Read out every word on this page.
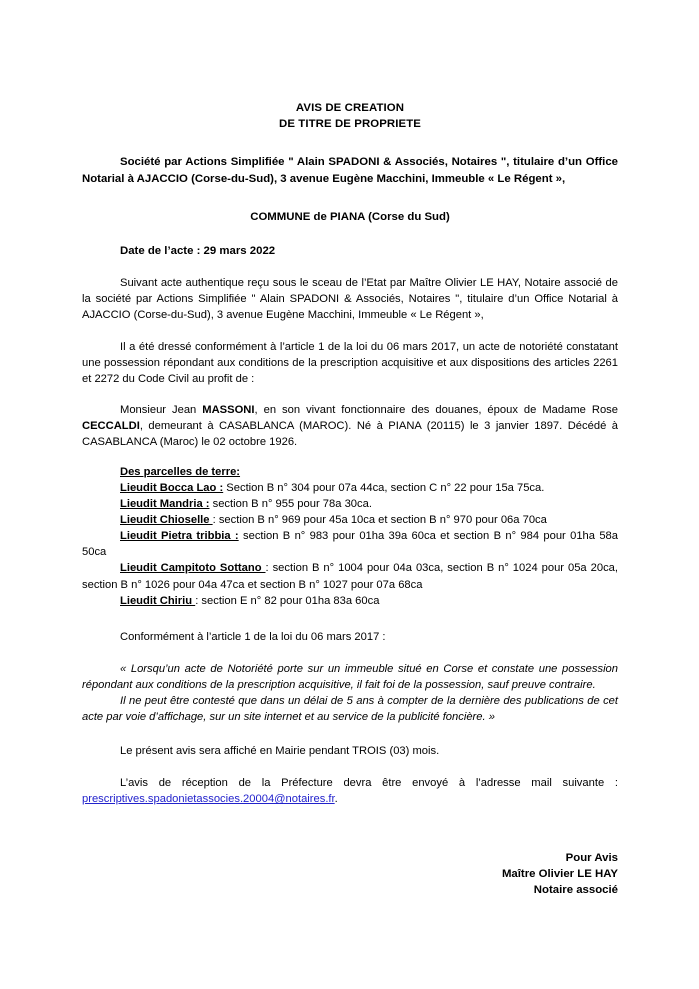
AVIS DE CREATION
DE TITRE DE PROPRIETE
Société par Actions Simplifiée " Alain SPADONI & Associés, Notaires ", titulaire d’un Office Notarial à AJACCIO (Corse-du-Sud), 3 avenue Eugène Macchini, Immeuble « Le Régent »,
COMMUNE de PIANA (Corse du Sud)
Date de l’acte : 29 mars 2022

Suivant acte authentique reçu sous le sceau de l’Etat par Maître Olivier LE HAY, Notaire associé de la société par Actions Simplifiée " Alain SPADONI & Associés, Notaires ", titulaire d’un Office Notarial à AJACCIO (Corse-du-Sud), 3 avenue Eugène Macchini, Immeuble « Le Régent »,

Il a été dressé conformément à l’article 1 de la loi du 06 mars 2017, un acte de notoriété constatant une possession répondant aux conditions de la prescription acquisitive et aux dispositions des articles 2261 et 2272 du Code Civil au profit de :

Monsieur Jean MASSONI, en son vivant fonctionnaire des douanes, époux de Madame Rose CECCALDI, demeurant à CASABLANCA (MAROC). Né à PIANA (20115) le 3 janvier 1897. Décédé à CASABLANCA (Maroc) le 02 octobre 1926.

Des parcelles de terre:
Lieudit Bocca Lao : Section B n° 304 pour 07a 44ca, section C n° 22 pour 15a 75ca.
Lieudit Mandria : section B n° 955 pour 78a 30ca.
Lieudit Chioselle : section B n° 969 pour 45a 10ca et section B n° 970 pour 06a 70ca
Lieudit Pietra tribbia : section B n° 983 pour 01ha 39a 60ca et section B n° 984 pour 01ha 58a 50ca
Lieudit Campitoto Sottano : section B n° 1004 pour 04a 03ca, section B n° 1024 pour 05a 20ca, section B n° 1026 pour 04a 47ca et section B n° 1027 pour 07a 68ca
Lieudit Chiriu : section E n° 82 pour 01ha 83a 60ca

Conformément à l’article 1 de la loi du 06 mars 2017 :

« Lorsqu’un acte de Notoriété porte sur un immeuble situé en Corse et constate une possession répondant aux conditions de la prescription acquisitive, il fait foi de la possession, sauf preuve contraire.

Il ne peut être contesté que dans un délai de 5 ans à compter de la dernière des publications de cet acte par voie d’affichage, sur un site internet et au service de la publicité foncière. »

Le présent avis sera affiché en Mairie pendant TROIS (03) mois.

L’avis de réception de la Préfecture devra être envoyé à l’adresse mail suivante : prescriptives.spadonietassocies.20004@notaires.fr.

Pour Avis
Maître Olivier LE HAY
Notaire associé
